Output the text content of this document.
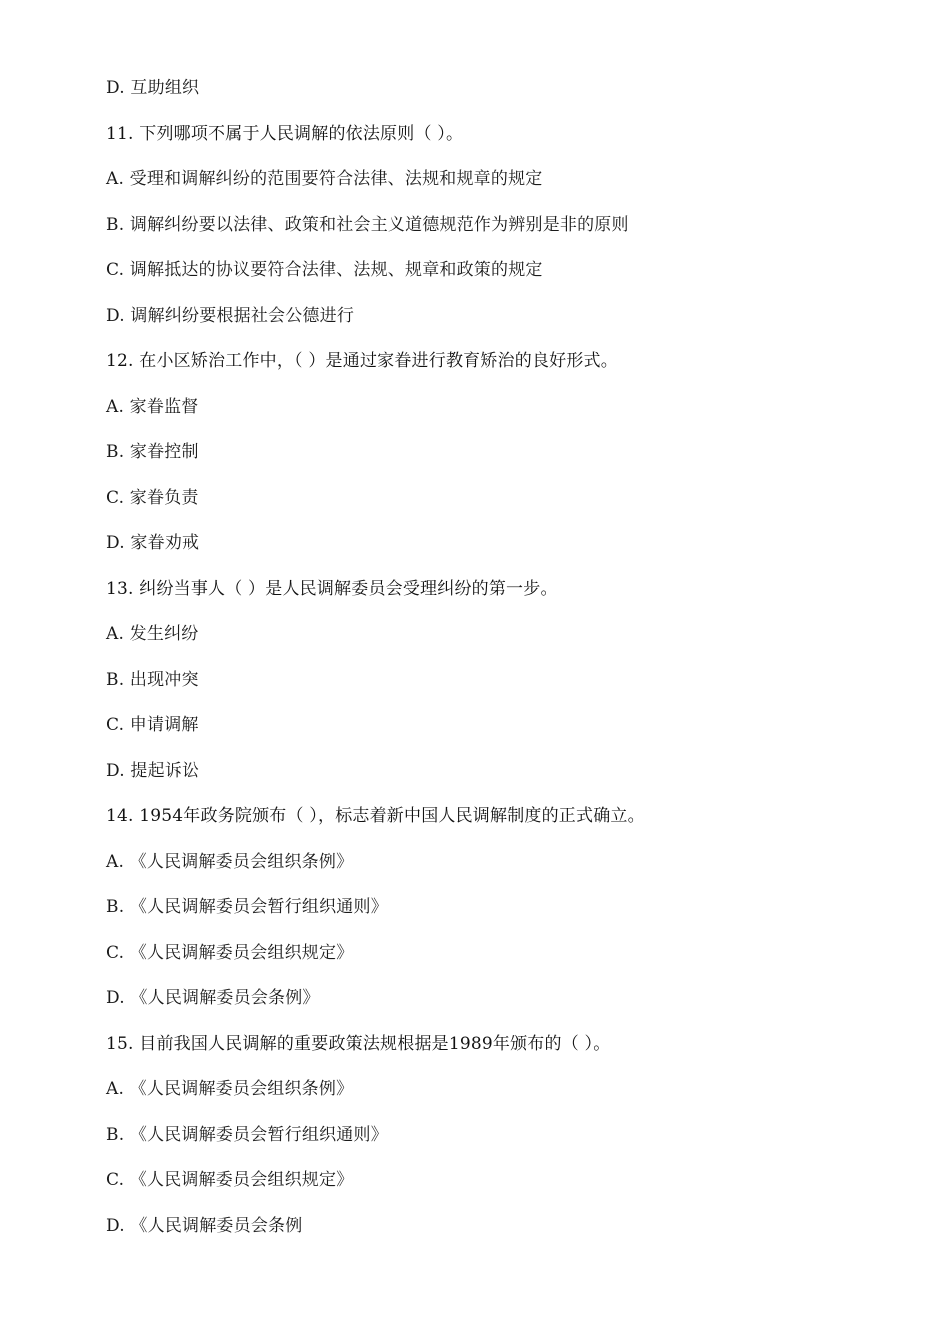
D. 互助组织
11. 下列哪项不属于人民调解的依法原则（ ）。
A. 受理和调解纠纷的范围要符合法律、法规和规章的规定
B. 调解纠纷要以法律、政策和社会主义道德规范作为辨别是非的原则
C. 调解抵达的协议要符合法律、法规、规章和政策的规定
D. 调解纠纷要根据社会公德进行
12. 在小区矫治工作中，（ ）是通过家眷进行教育矫治的良好形式。
A. 家眷监督
B. 家眷控制
C. 家眷负责
D. 家眷劝戒
13. 纠纷当事人（ ）是人民调解委员会受理纠纷的第一步。
A. 发生纠纷
B. 出现冲突
C. 申请调解
D. 提起诉讼
14. 1954年政务院颁布（ ），标志着新中国人民调解制度的正式确立。
A. 《人民调解委员会组织条例》
B. 《人民调解委员会暂行组织通则》
C. 《人民调解委员会组织规定》
D. 《人民调解委员会条例》
15. 目前我国人民调解的重要政策法规根据是1989年颁布的（ ）。
A. 《人民调解委员会组织条例》
B. 《人民调解委员会暂行组织通则》
C. 《人民调解委员会组织规定》
D. 《人民调解委员会条例
